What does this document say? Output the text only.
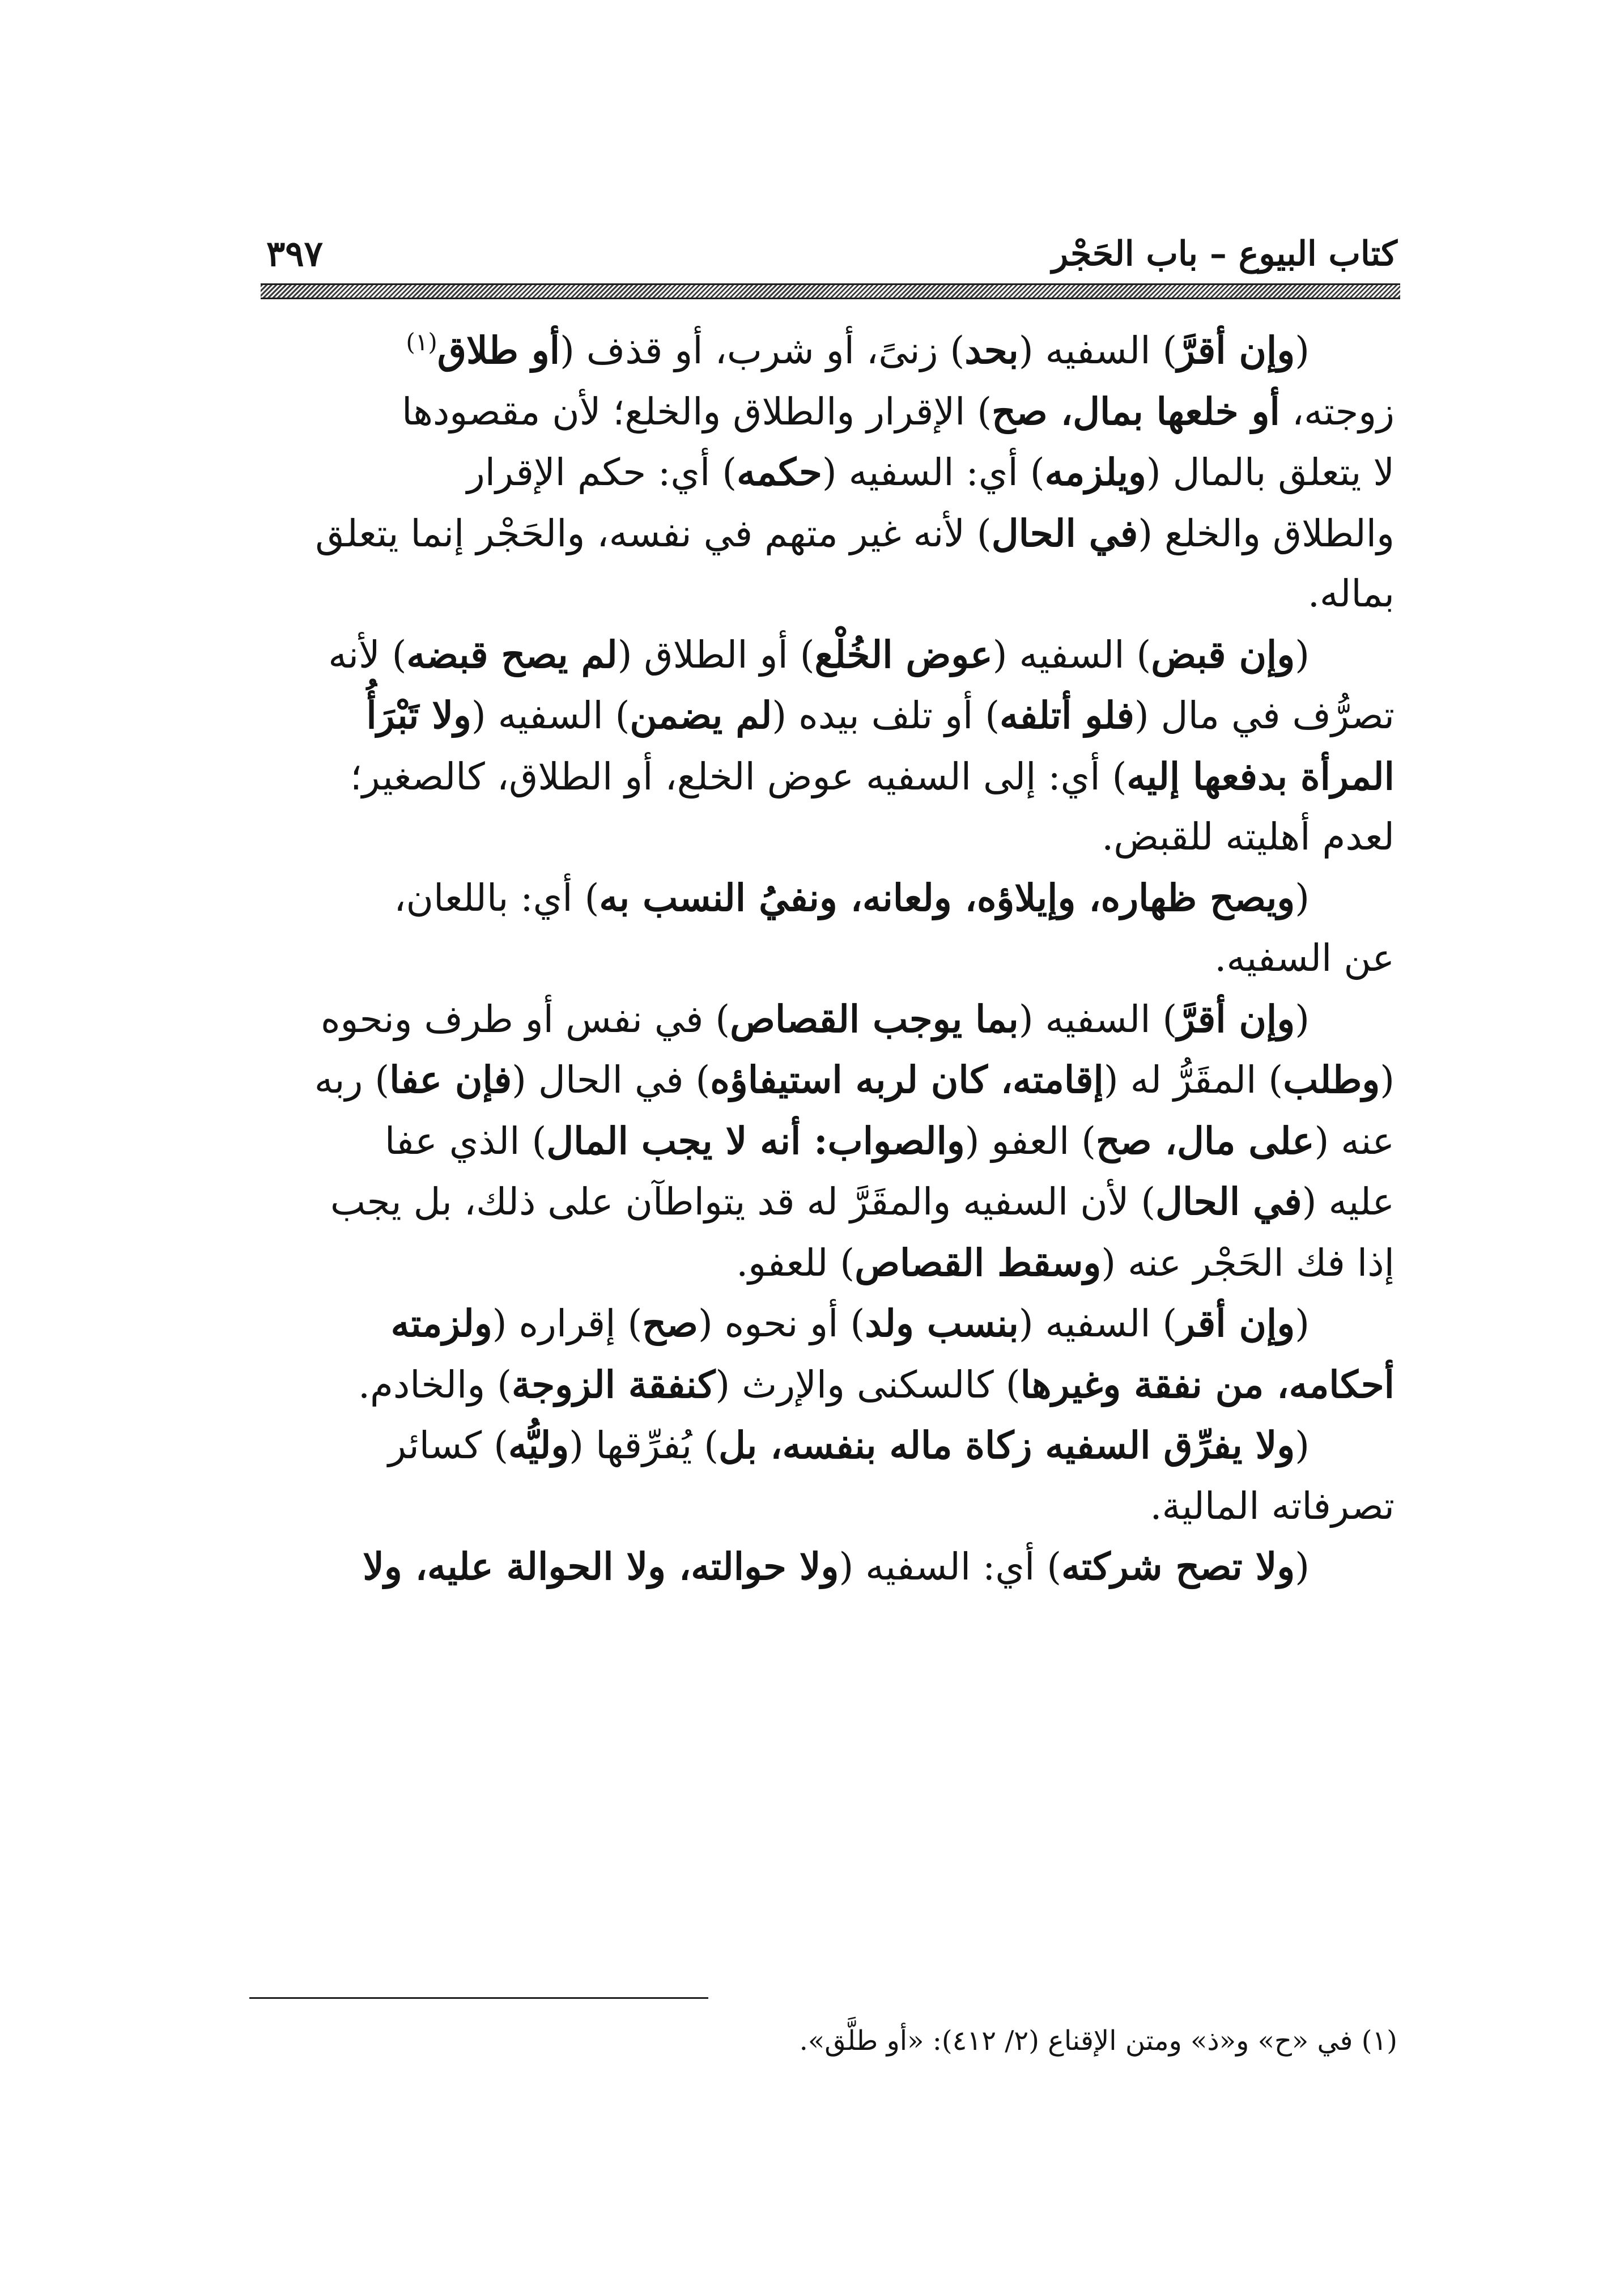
كتاب البيوع – باب الحَجْر
٣٩٧
(وإن أقرَّ) السفيه (بحد) زنىً، أو شرب، أو قذف (أو طلاق$^{(١)}$
زوجته، أو خلعها بمال، صح) الإقرار والطلاق والخلع؛ لأن مقصودها
لا يتعلق بالمال (ويلزمه) أي: السفيه (حكمه) أي: حكم الإقرار
والطلاق والخلع (في الحال) لأنه غير متهم في نفسه، والحَجْر إنما يتعلق
بماله.
(وإن قبض) السفيه (عوض الخُلْع) أو الطلاق (لم يصح قبضه) لأنه
تصرُّف في مال (فلو أتلفه) أو تلف بيده (لم يضمن) السفيه (ولا تَبْرَأُ
المرأة بدفعها إليه) أي: إلى السفيه عوض الخلع، أو الطلاق، كالصغير؛
لعدم أهليته للقبض.
(ويصح ظهاره، وإيلاؤه، ولعانه، ونفيُ النسب به) أي: باللعان،
عن السفيه.
(وإن أقرَّ) السفيه (بما يوجب القصاص) في نفس أو طرف ونحوه
(وطلب) المقَرُّ له (إقامته، كان لربه استيفاؤه) في الحال (فإن عفا) ربه
عنه (على مال، صح) العفو (والصواب: أنه لا يجب المال) الذي عفا
عليه (في الحال) لأن السفيه والمقَرَّ له قد يتواطآن على ذلك، بل يجب
إذا فك الحَجْر عنه (وسقط القصاص) للعفو.
(وإن أقر) السفيه (بنسب ولد) أو نحوه (صح) إقراره (ولزمته
أحكامه، من نفقة وغيرها) كالسكنى والإرث (كنفقة الزوجة) والخادم.
(ولا يفرِّق السفيه زكاة ماله بنفسه، بل) يُفرِّقها (وليُّه) كسائر
تصرفاته المالية.
(ولا تصح شركته) أي: السفيه (ولا حوالته، ولا الحوالة عليه، ولا
(١) في «ح» و«ذ» ومتن الإقناع (٢/ ٤١٢): «أو طلَّق».
